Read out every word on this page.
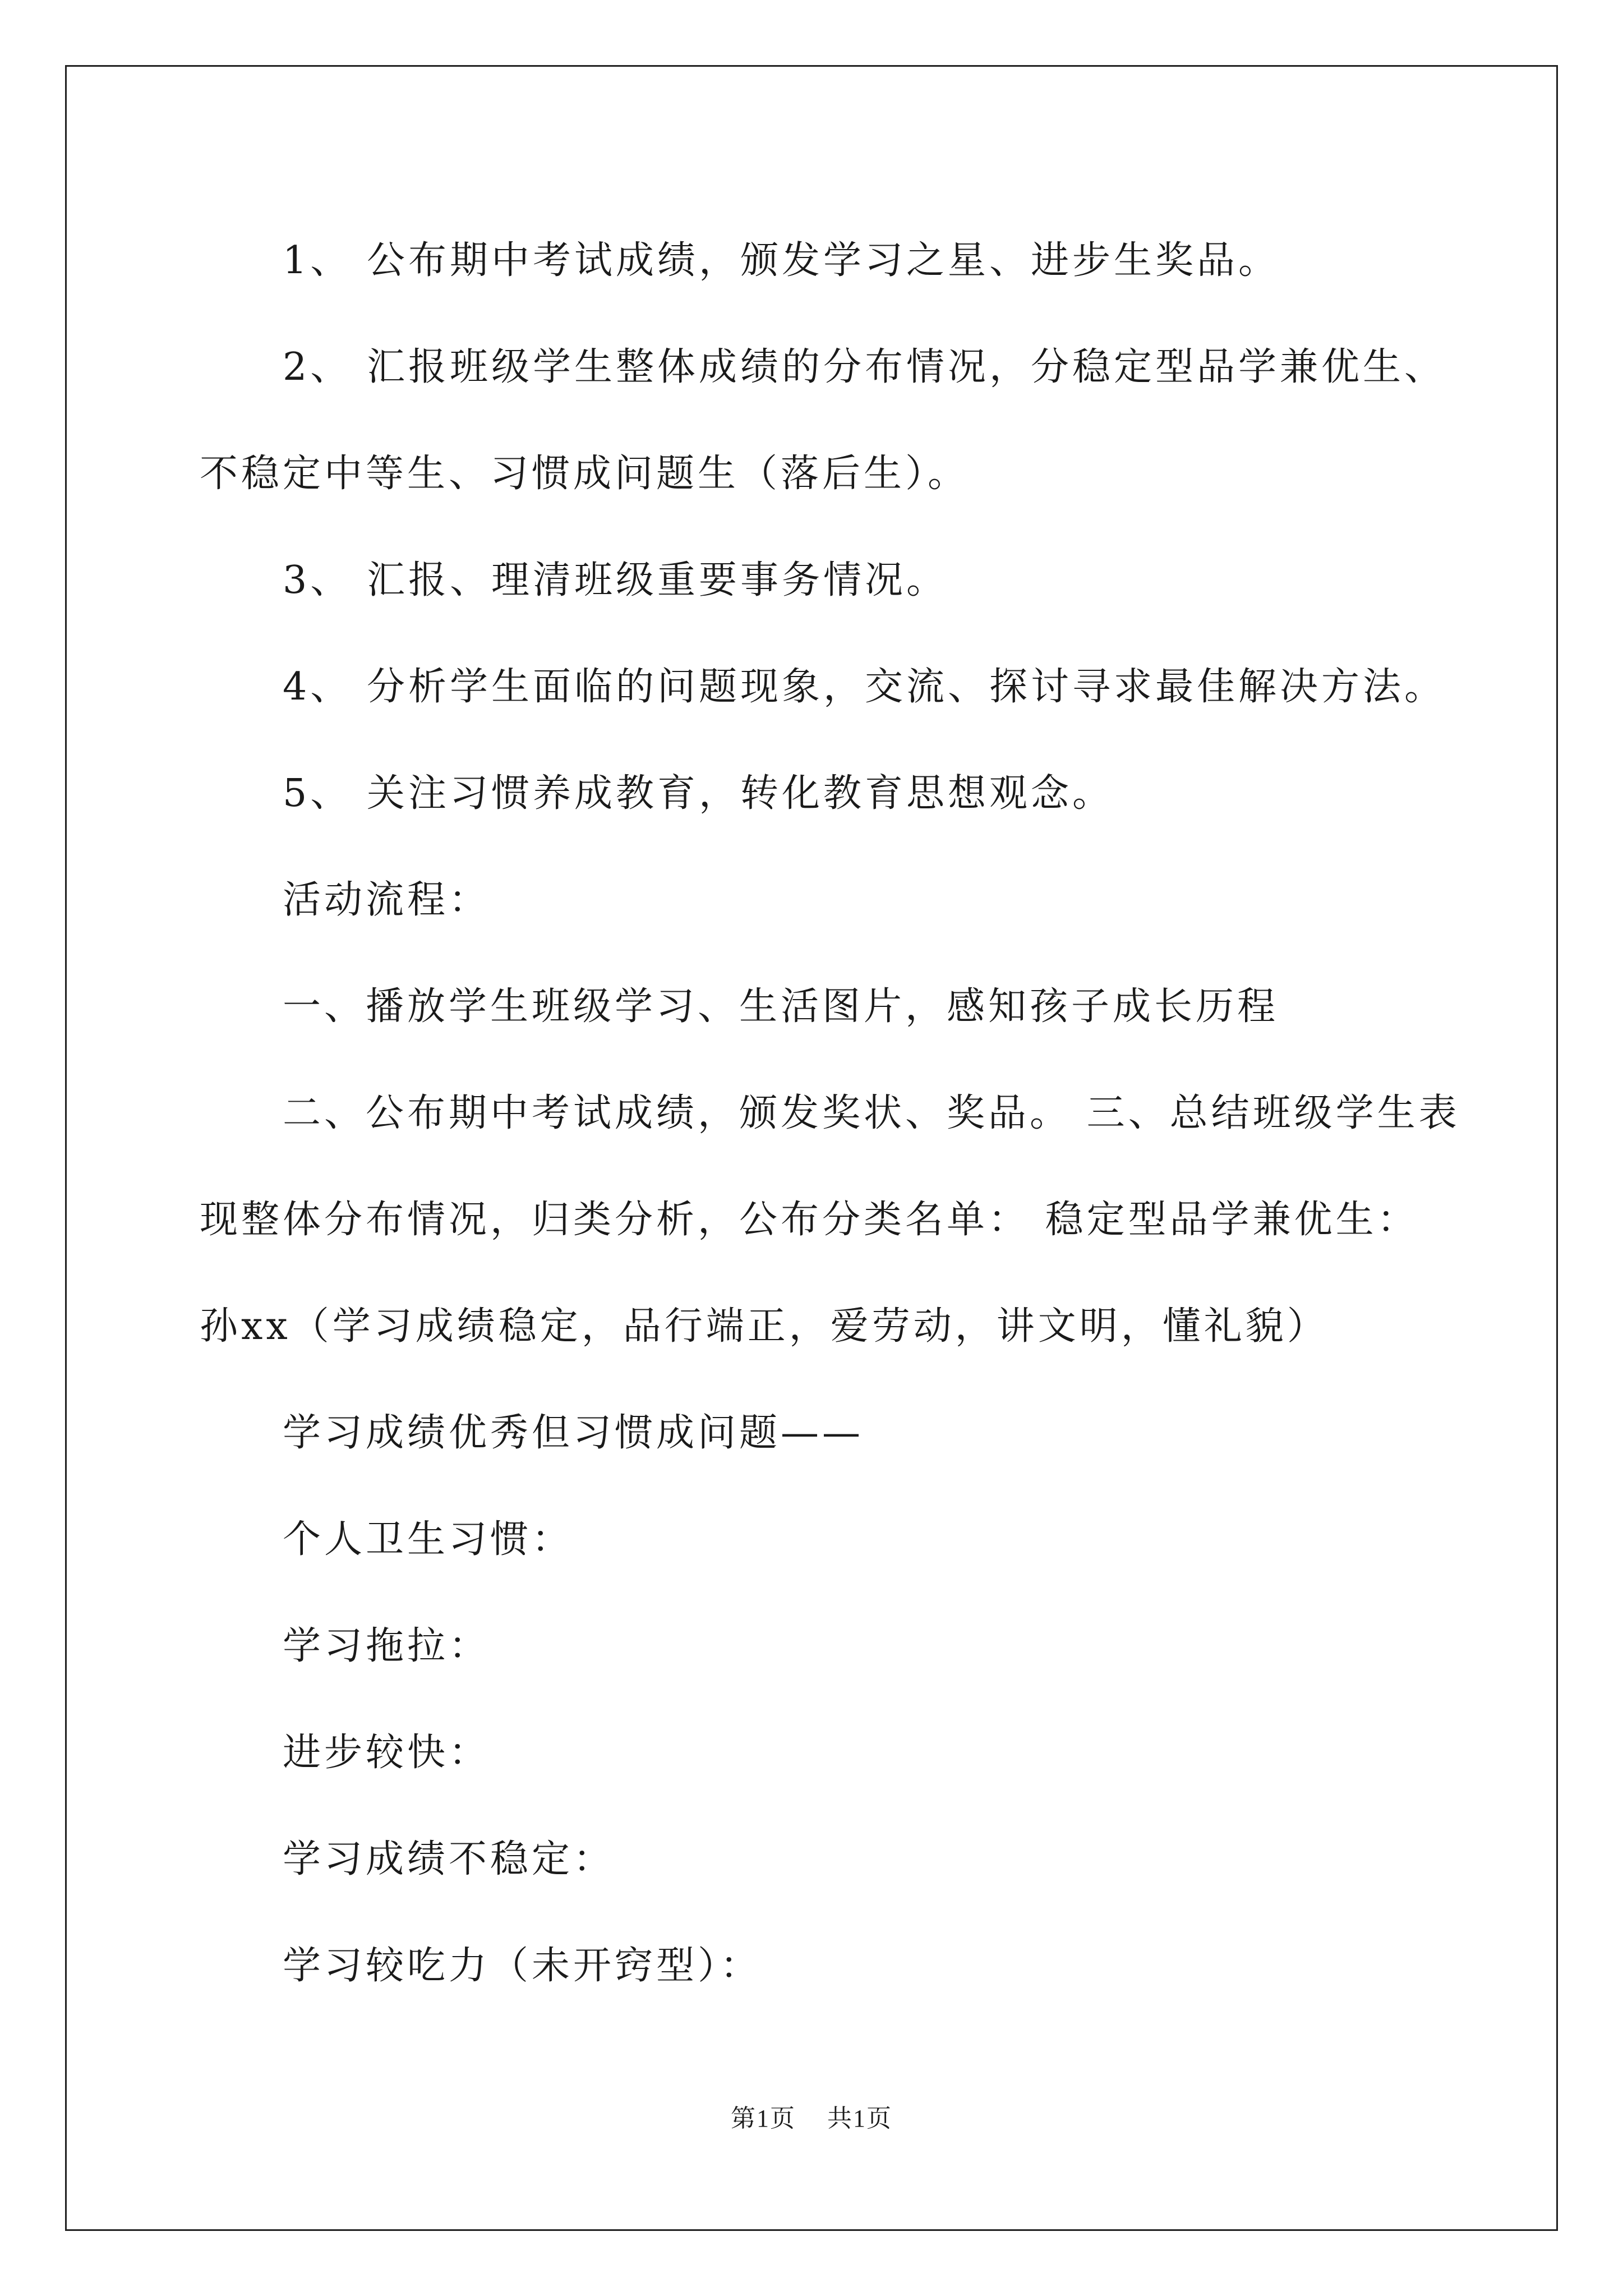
1、 公布期中考试成绩，颁发学习之星、进步生奖品。

2、 汇报班级学生整体成绩的分布情况，分稳定型品学兼优生、

不稳定中等生、习惯成问题生（落后生）。

3、 汇报、理清班级重要事务情况。

4、 分析学生面临的问题现象，交流、探讨寻求最佳解决方法。

5、 关注习惯养成教育，转化教育思想观念。

活动流程：

一、播放学生班级学习、生活图片，感知孩子成长历程

二、公布期中考试成绩，颁发奖状、奖品。 三、总结班级学生表

现整体分布情况，归类分析，公布分类名单： 稳定型品学兼优生：

孙xx（学习成绩稳定，品行端正，爱劳动，讲文明，懂礼貌）

学习成绩优秀但习惯成问题——

个人卫生习惯：

学习拖拉：

进步较快：

学习成绩不稳定：

学习较吃力（未开窍型）：

第1页 共1页
